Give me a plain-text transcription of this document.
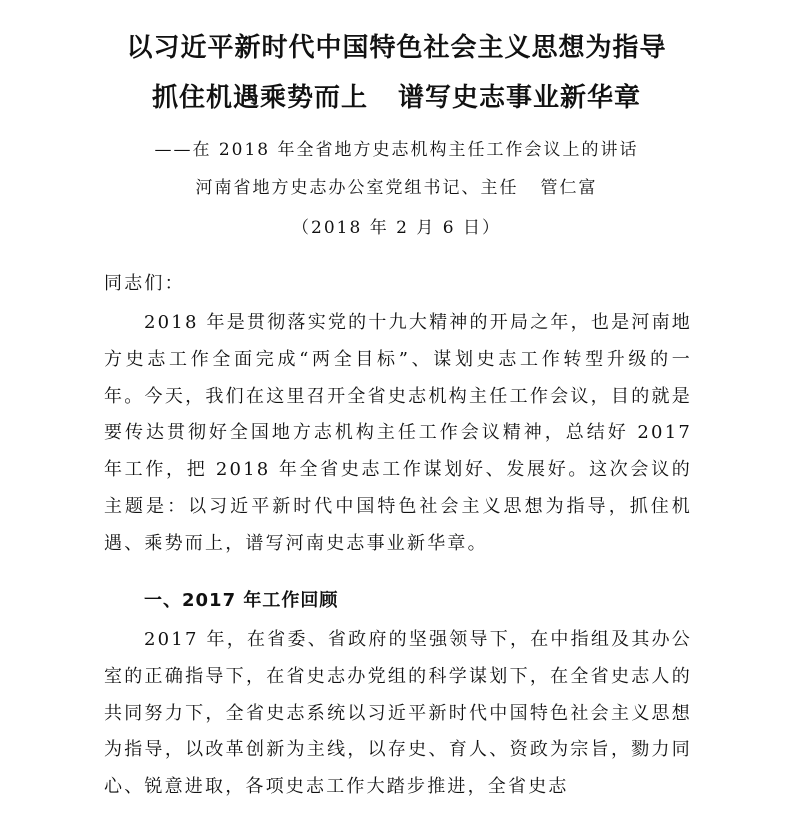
以习近平新时代中国特色社会主义思想为指导
抓住机遇乘势而上 谱写史志事业新华章
——在 2018 年全省地方史志机构主任工作会议上的讲话
河南省地方史志办公室党组书记、主任 管仁富
（2018 年 2 月 6 日）

同志们：

2018 年是贯彻落实党的十九大精神的开局之年，也是河南地方史志工作全面完成“两全目标”、谋划史志工作转型升级的一年。今天，我们在这里召开全省史志机构主任工作会议，目的就是要传达贯彻好全国地方志机构主任工作会议精神，总结好 2017 年工作，把 2018 年全省史志工作谋划好、发展好。这次会议的主题是：以习近平新时代中国特色社会主义思想为指导，抓住机遇、乘势而上，谱写河南史志事业新华章。

一、2017 年工作回顾

2017 年，在省委、省政府的坚强领导下，在中指组及其办公室的正确指导下，在省史志办党组的科学谋划下，在全省史志人的共同努力下，全省史志系统以习近平新时代中国特色社会主义思想为指导，以改革创新为主线，以存史、育人、资政为宗旨，勠力同心、锐意进取，各项史志工作大踏步推进，全省史志
